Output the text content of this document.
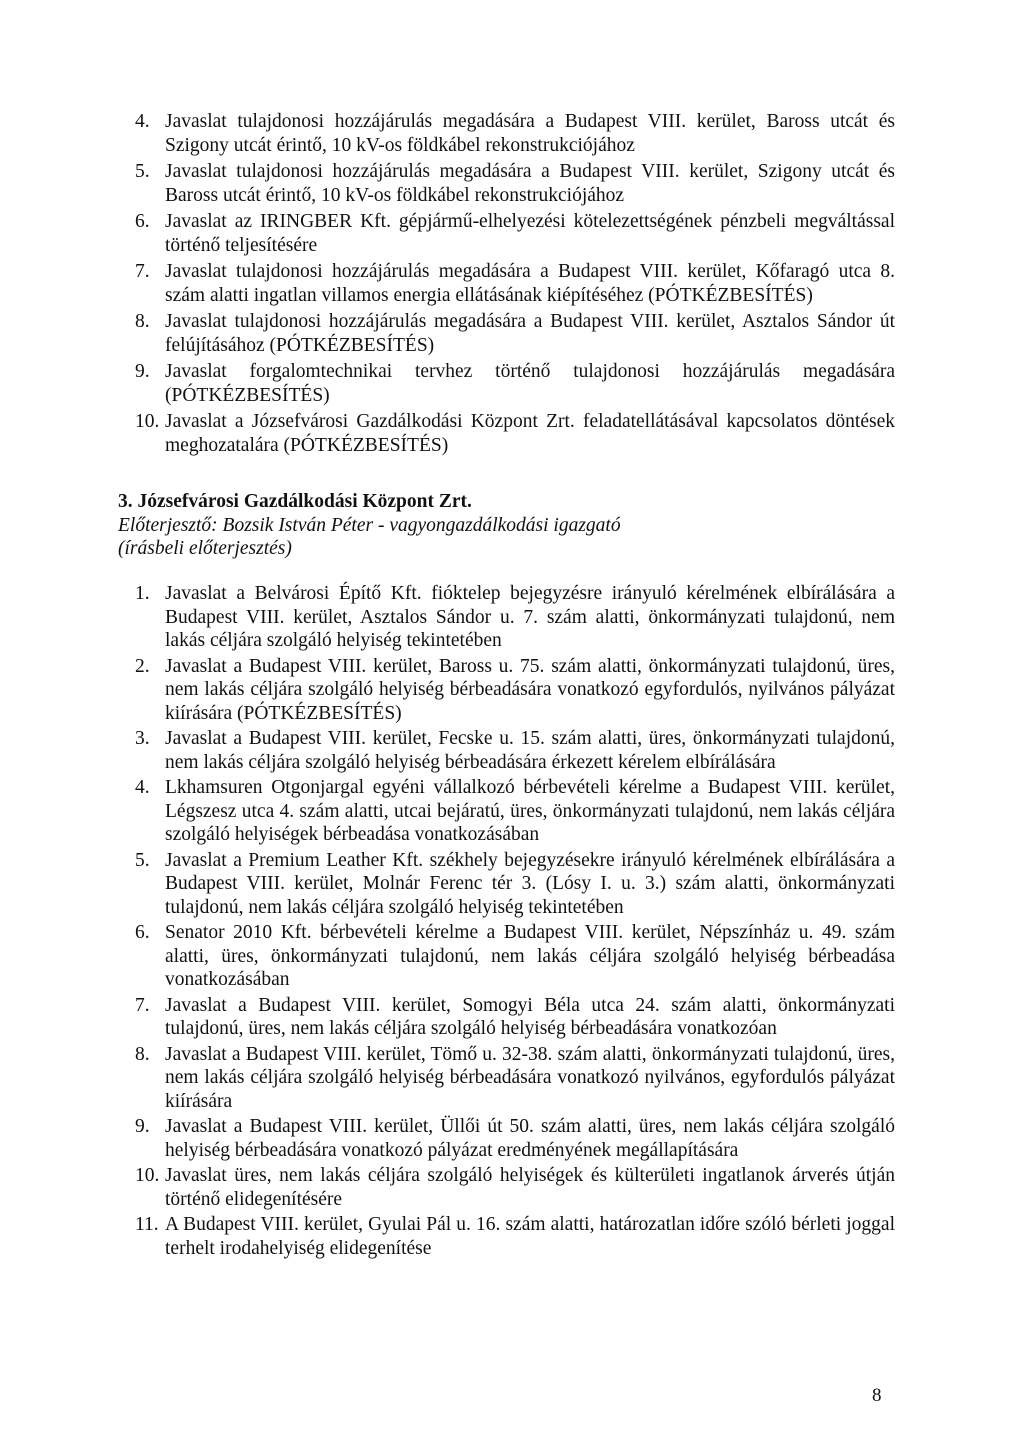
4. Javaslat tulajdonosi hozzájárulás megadására a Budapest VIII. kerület, Baross utcát és Szigony utcát érintő, 10 kV-os földkábel rekonstrukciójához
5. Javaslat tulajdonosi hozzájárulás megadására a Budapest VIII. kerület, Szigony utcát és Baross utcát érintő, 10 kV-os földkábel rekonstrukciójához
6. Javaslat az IRINGBER Kft. gépjármű-elhelyezési kötelezettségének pénzbeli megváltással történő teljesítésére
7. Javaslat tulajdonosi hozzájárulás megadására a Budapest VIII. kerület, Kőfaragó utca 8. szám alatti ingatlan villamos energia ellátásának kiépítéséhez (PÓTKÉZBESÍTÉS)
8. Javaslat tulajdonosi hozzájárulás megadására a Budapest VIII. kerület, Asztalos Sándor út felújításához (PÓTKÉZBESÍTÉS)
9. Javaslat forgalomtechnikai tervhez történő tulajdonosi hozzájárulás megadására (PÓTKÉZBESÍTÉS)
10. Javaslat a Józsefvárosi Gazdálkodási Központ Zrt. feladatellátásával kapcsolatos döntések meghozatalára (PÓTKÉZBESÍTÉS)

3. Józsefvárosi Gazdálkodási Központ Zrt.

Előterjesztő: Bozsik István Péter - vagyongazdálkodási igazgató

(írásbeli előterjesztés)

1. Javaslat a Belvárosi Építő Kft. fióktelep bejegyzésre irányuló kérelmének elbírálására a Budapest VIII. kerület, Asztalos Sándor u. 7. szám alatti, önkormányzati tulajdonú, nem lakás céljára szolgáló helyiség tekintetében
2. Javaslat a Budapest VIII. kerület, Baross u. 75. szám alatti, önkormányzati tulajdonú, üres, nem lakás céljára szolgáló helyiség bérbeadására vonatkozó egyfordulós, nyilvános pályázat kiírására (PÓTKÉZBESÍTÉS)
3. Javaslat a Budapest VIII. kerület, Fecske u. 15. szám alatti, üres, önkormányzati tulajdonú, nem lakás céljára szolgáló helyiség bérbeadására érkezett kérelem elbírálására
4. Lkhamsuren Otgonjargal egyéni vállalkozó bérbevételi kérelme a Budapest VIII. kerület, Légszesz utca 4. szám alatti, utcai bejáratú, üres, önkormányzati tulajdonú, nem lakás céljára szolgáló helyiségek bérbeadása vonatkozásában
5. Javaslat a Premium Leather Kft. székhely bejegyzésekre irányuló kérelmének elbírálására a Budapest VIII. kerület, Molnár Ferenc tér 3. (Lósy I. u. 3.) szám alatti, önkormányzati tulajdonú, nem lakás céljára szolgáló helyiség tekintetében
6. Senator 2010 Kft. bérbevételi kérelme a Budapest VIII. kerület, Népszínház u. 49. szám alatti, üres, önkormányzati tulajdonú, nem lakás céljára szolgáló helyiség bérbeadása vonatkozásában
7. Javaslat a Budapest VIII. kerület, Somogyi Béla utca 24. szám alatti, önkormányzati tulajdonú, üres, nem lakás céljára szolgáló helyiség bérbeadására vonatkozóan
8. Javaslat a Budapest VIII. kerület, Tömő u. 32-38. szám alatti, önkormányzati tulajdonú, üres, nem lakás céljára szolgáló helyiség bérbeadására vonatkozó nyilvános, egyfordulós pályázat kiírására
9. Javaslat a Budapest VIII. kerület, Üllői út 50. szám alatti, üres, nem lakás céljára szolgáló helyiség bérbeadására vonatkozó pályázat eredményének megállapítására
10. Javaslat üres, nem lakás céljára szolgáló helyiségek és külterületi ingatlanok árverés útján történő elidegenítésére
11. A Budapest VIII. kerület, Gyulai Pál u. 16. szám alatti, határozatlan időre szóló bérleti joggal terhelt irodahelyiség elidegenítése
8
